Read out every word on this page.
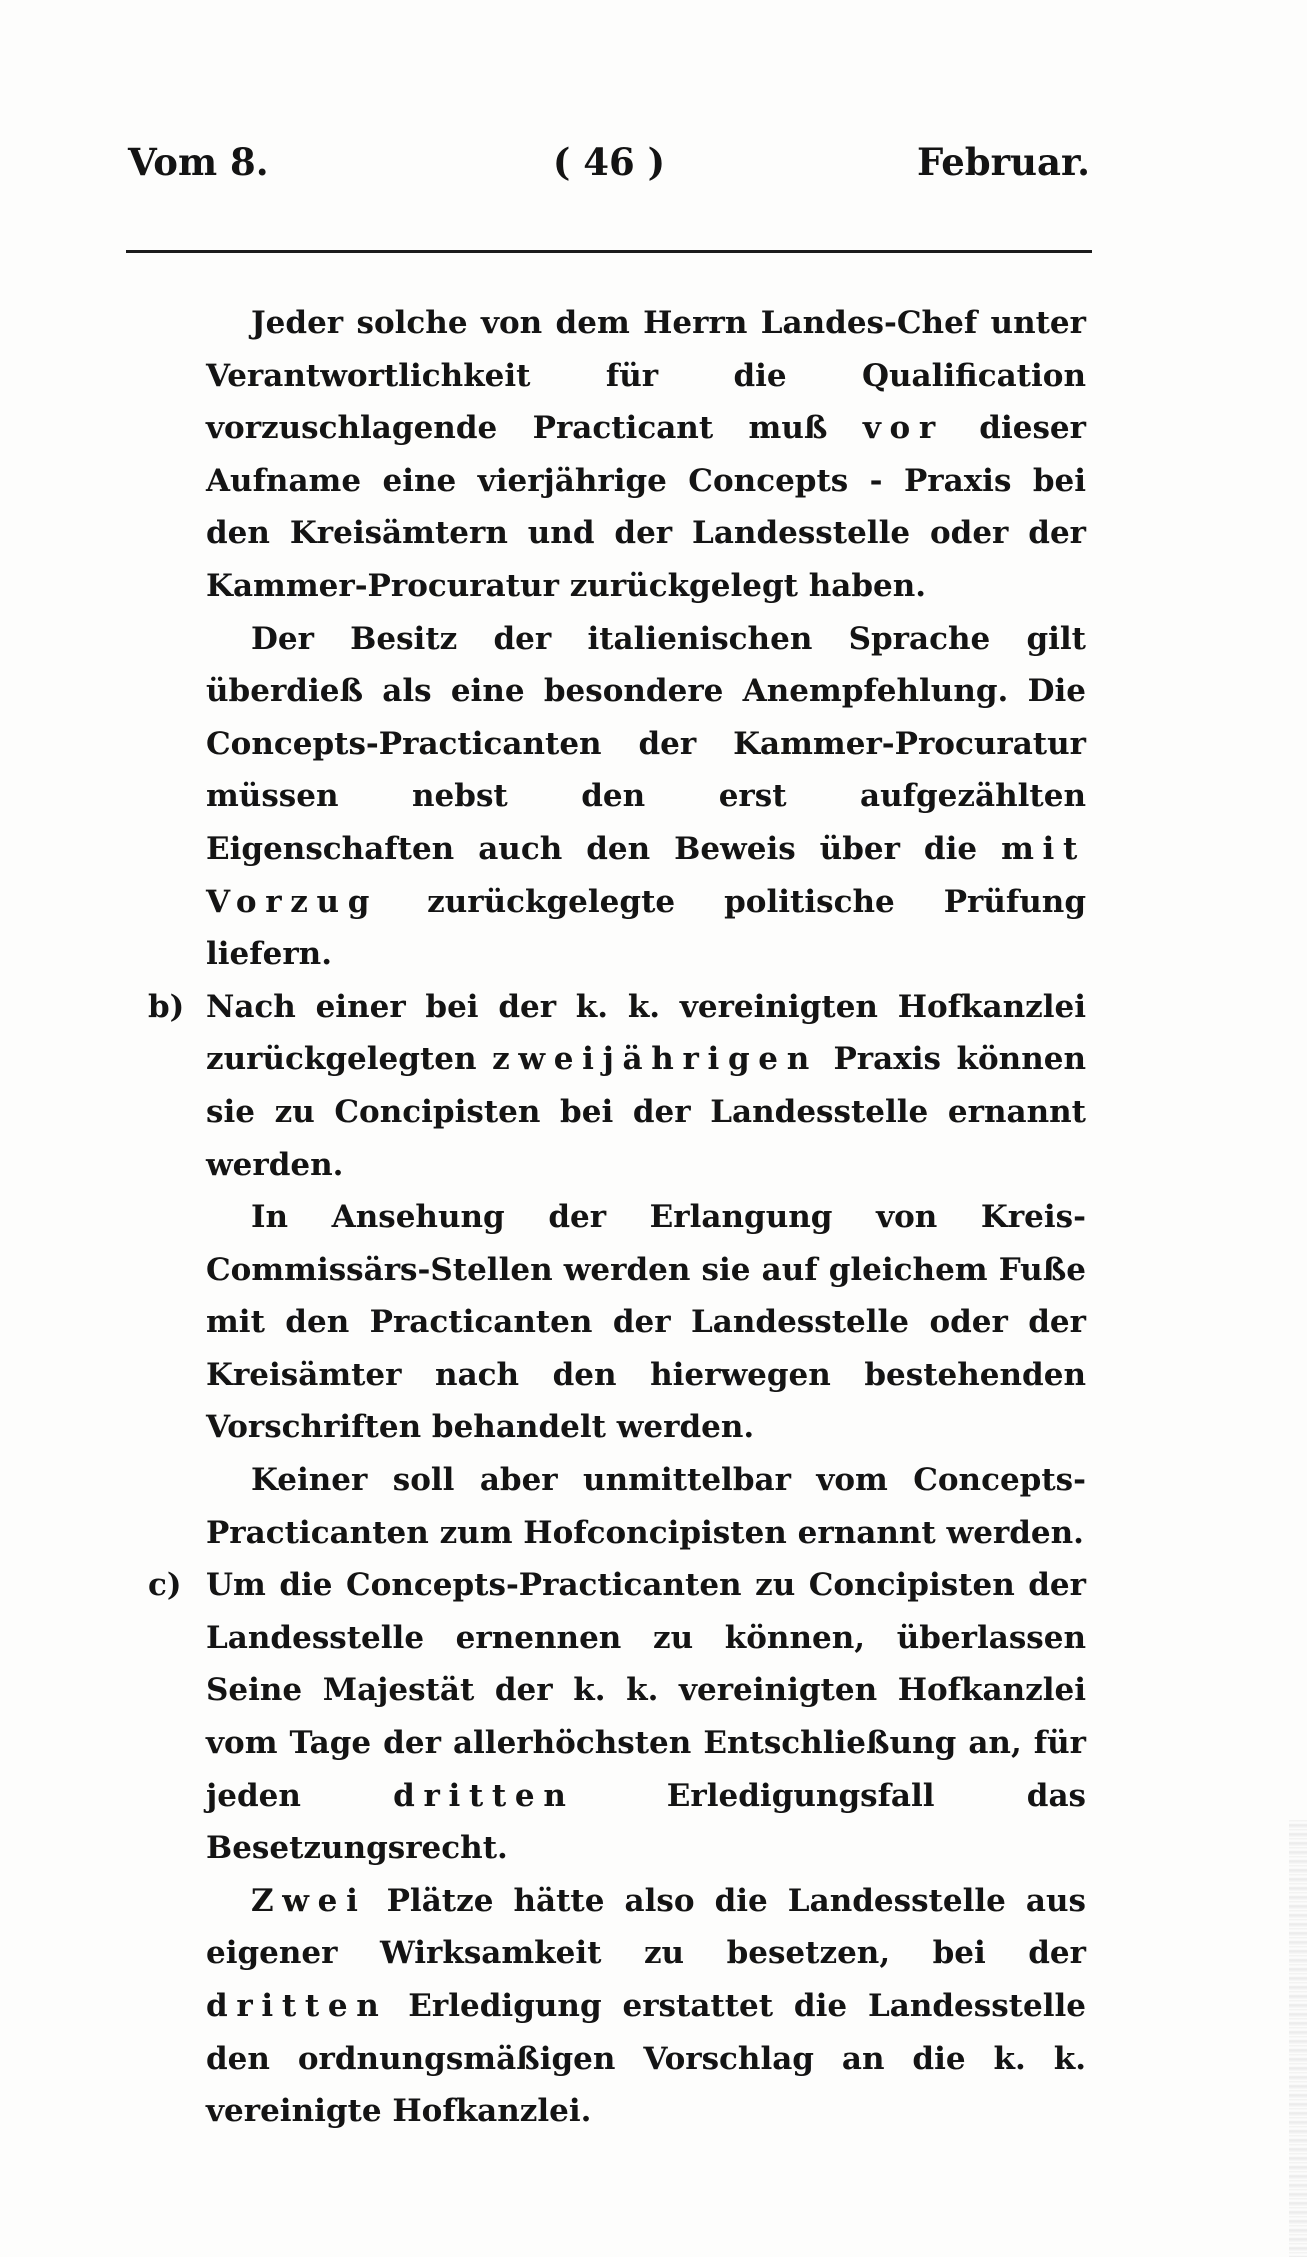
Vom 8.	( 46 )	Februar.

Jeder solche von dem Herrn Landes-Chef unter Verantwortlichkeit für die Qualification vorzuschlagende Practicant muß vor dieser Aufname eine vierjährige Concepts - Praxis bei den Kreisämtern und der Landesstelle oder der Kammer-Procuratur zurückgelegt haben.

Der Besitz der italienischen Sprache gilt überdieß als eine besondere Anempfehlung. Die Concepts-Practicanten der Kammer-Procuratur müssen nebst den erst aufgezählten Eigenschaften auch den Beweis über die mit Vorzug zurückgelegte politische Prüfung liefern.

b) Nach einer bei der k. k. vereinigten Hofkanzlei zurückgelegten zweijährigen Praxis können sie zu Concipisten bei der Landesstelle ernannt werden.

In Ansehung der Erlangung von Kreis-Commissärs-Stellen werden sie auf gleichem Fuße mit den Practicanten der Landesstelle oder der Kreisämter nach den hierwegen bestehenden Vorschriften behandelt werden.

Keiner soll aber unmittelbar vom Concepts-Practicanten zum Hofconcipisten ernannt werden.

c) Um die Concepts-Practicanten zu Concipisten der Landesstelle ernennen zu können, überlassen Seine Majestät der k. k. vereinigten Hofkanzlei vom Tage der allerhöchsten Entschließung an, für jeden dritten Erledigungsfall das Besetzungsrecht.

Zwei Plätze hätte also die Landesstelle aus eigener Wirksamkeit zu besetzen, bei der dritten Erledigung erstattet die Landesstelle den ordnungsmäßigen Vorschlag an die k. k. vereinigte Hofkanzlei.
